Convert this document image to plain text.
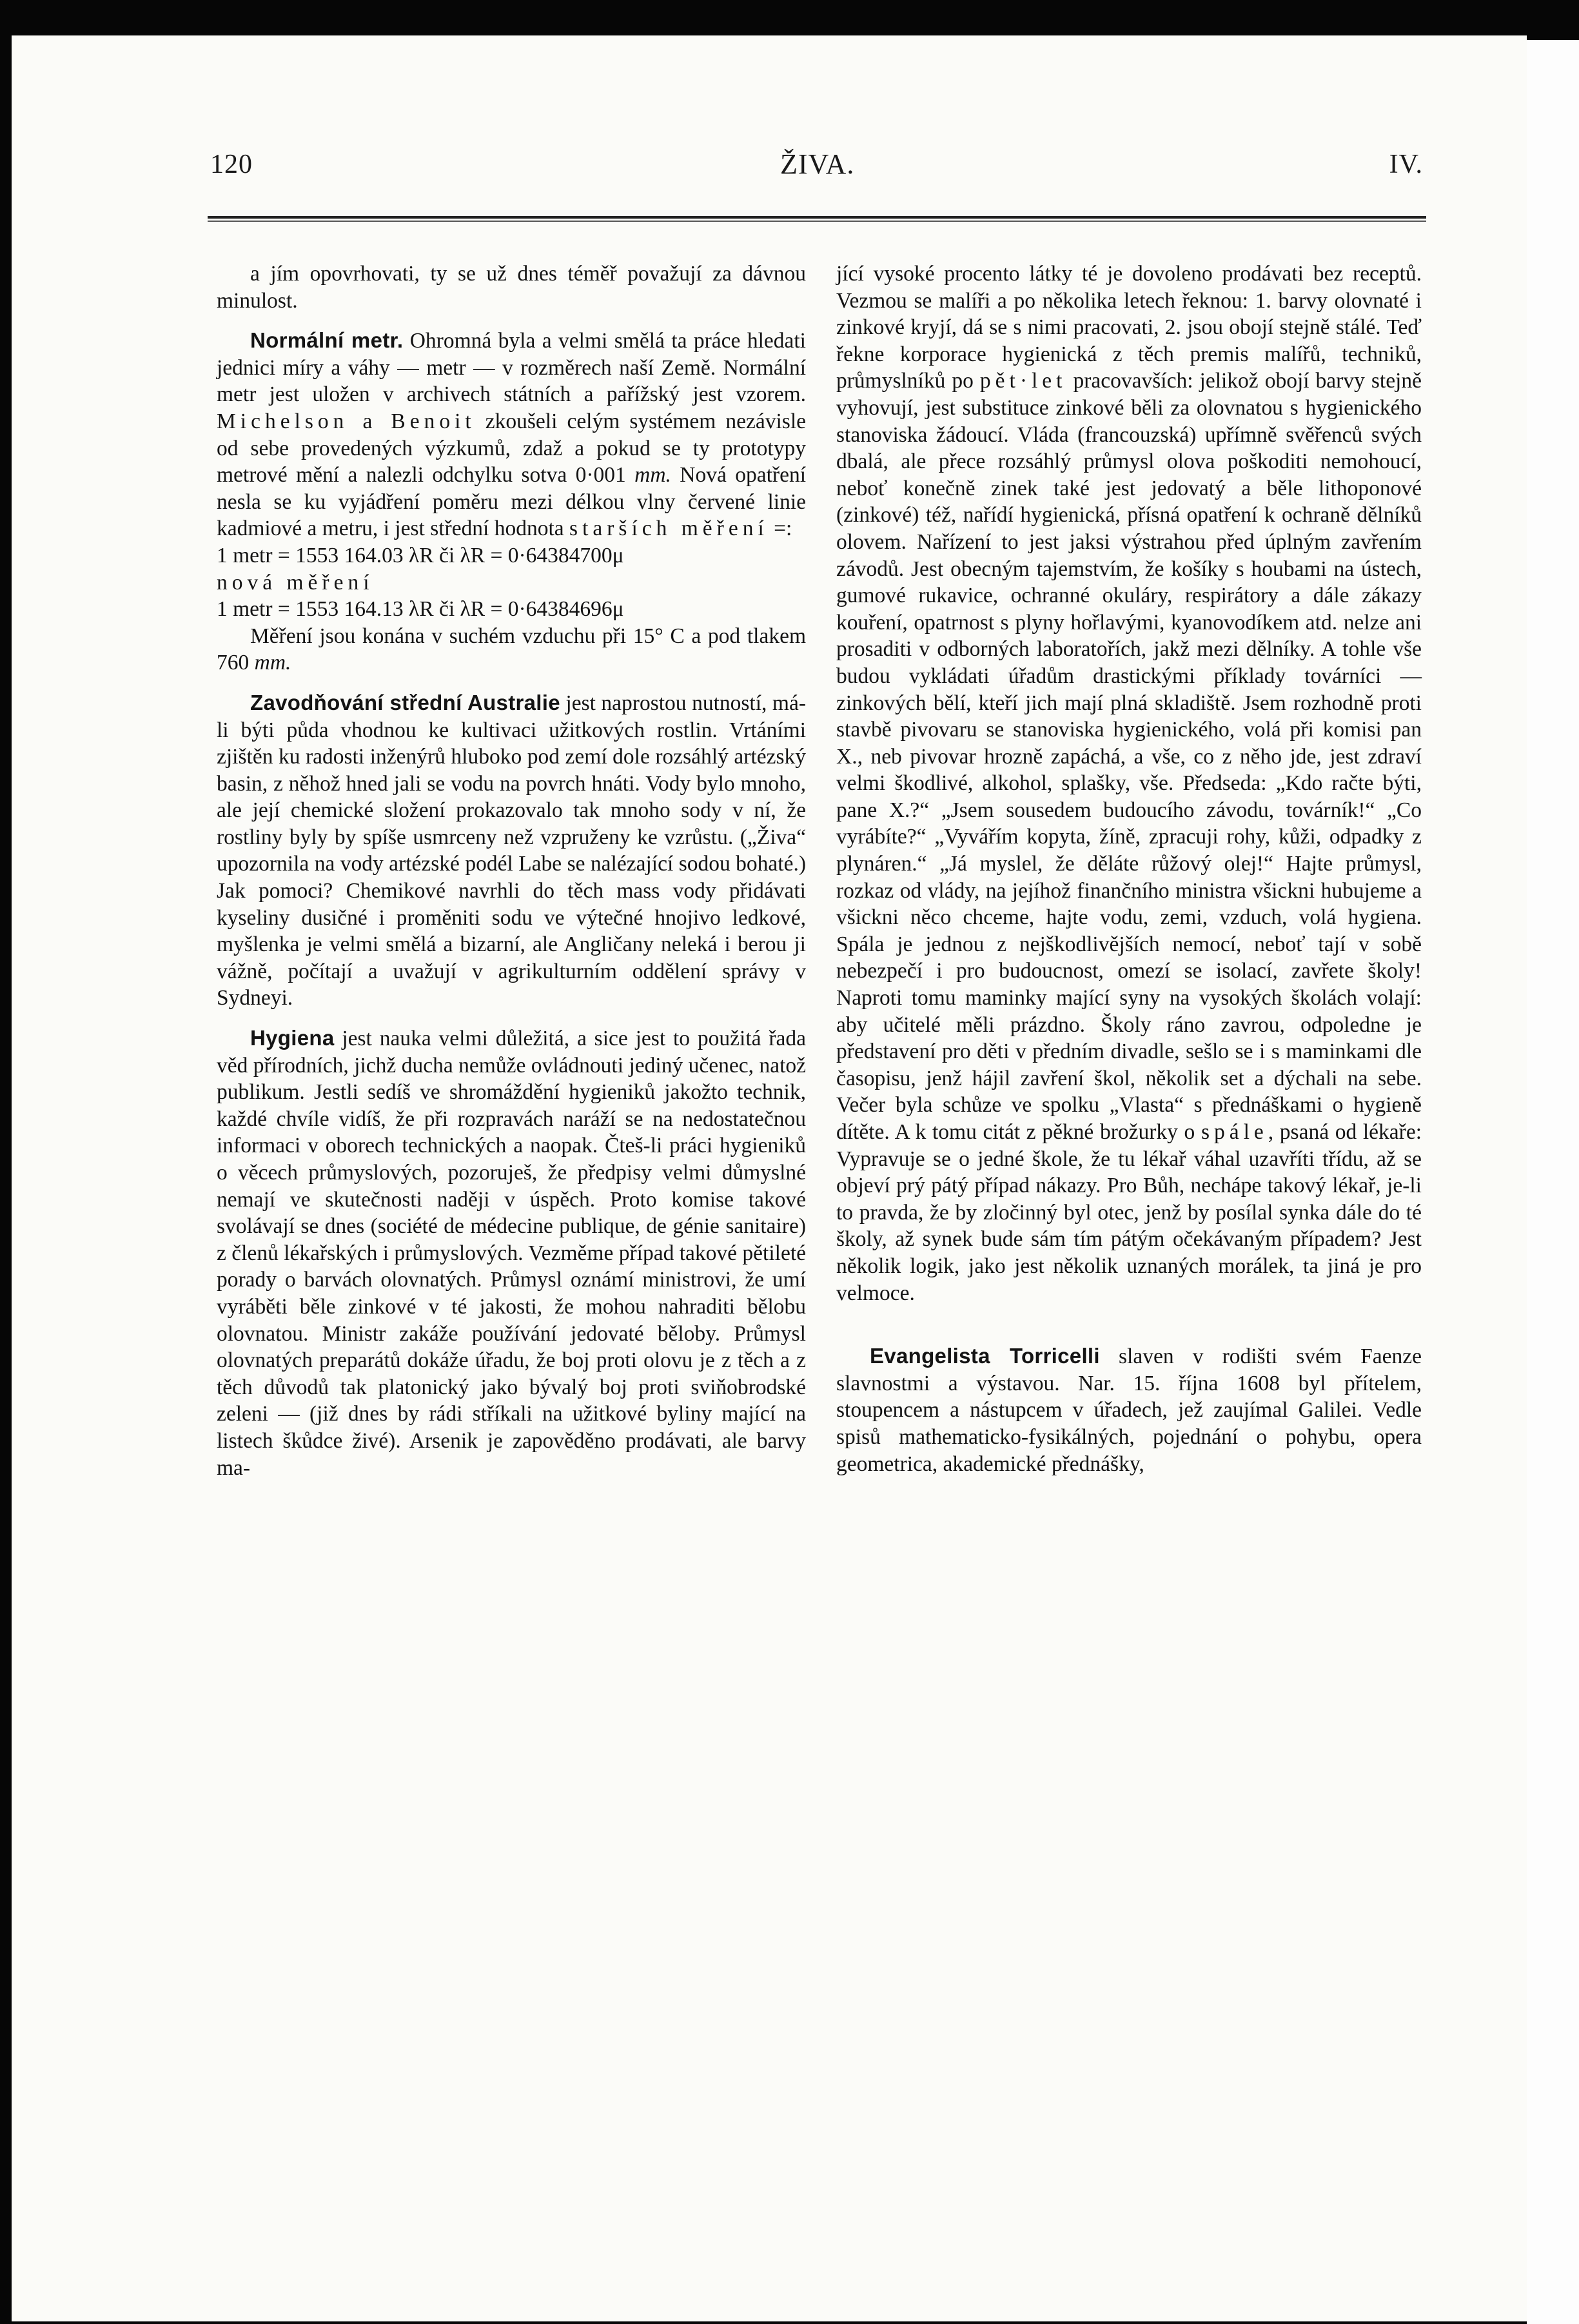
120	ŽIVA.	IV.

a jím opovrhovati, ty se už dnes téměř považují za dávnou minulost.

Normální metr. Ohromná byla a velmi smělá ta práce hledati jednici míry a váhy — metr — v rozměrech naší Země. Normální metr jest uložen v archivech státních a pařížský jest vzorem. Michelson a Benoit zkoušeli celým systémem nezávisle od sebe provedených výzkumů, zdaž a pokud se ty prototypy metrové mění a nalezli odchylku sotva 0·001 mm. Nová opatření nesla se ku vyjádření poměru mezi délkou vlny červené linie kadmiové a metru, i jest střední hodnota starších měření =:

1 metr = 1553 164.03 λR či λR = 0·64384700μ
nová měření
1 metr = 1553 164.13 λR či λR = 0·64384696μ

Měření jsou konána v suchém vzduchu při 15° C a pod tlakem 760 mm.

Zavodňování střední Australie jest naprostou nutností, má-li býti půda vhodnou ke kultivaci užitkových rostlin. Vrtáními zjištěn ku radosti inženýrů hluboko pod zemí dole rozsáhlý artézský basin, z něhož hned jali se vodu na povrch hnáti. Vody bylo mnoho, ale její chemické složení prokazovalo tak mnoho sody v ní, že rostliny byly by spíše usmrceny než vzpruženy ke vzrůstu. („Živa“ upozornila na vody artézské podél Labe se nalézající sodou bohaté.) Jak pomoci? Chemikové navrhli do těch mass vody přidávati kyseliny dusičné i proměniti sodu ve výtečné hnojivo ledkové, myšlenka je velmi smělá a bizarní, ale Angličany neleká i berou ji vážně, počítají a uvažují v agrikulturním oddělení správy v Sydneyi.

Hygiena jest nauka velmi důležitá, a sice jest to použitá řada věd přírodních, jichž ducha nemůže ovládnouti jediný učenec, natož publikum. Jestli sedíš ve shromáždění hygieniků jakožto technik, každé chvíle vidíš, že při rozpravách naráží se na nedostatečnou informaci v oborech technických a naopak. Čteš-li práci hygieniků o věcech průmyslových, pozoruješ, že předpisy velmi důmyslné nemají ve skutečnosti naději v úspěch. Proto komise takové svolávají se dnes (société de médecine publique, de génie sanitaire) z členů lékařských i průmyslových. Vezměme případ takové pětileté porady o barvách olovnatých. Průmysl oznámí ministrovi, že umí vyráběti běle zinkové v té jakosti, že mohou nahraditi bělobu olovnatou. Ministr zakáže používání jedovaté běloby. Průmysl olovnatých preparátů dokáže úřadu, že boj proti olovu je z těch a z těch důvodů tak platonický jako bývalý boj proti sviňobrodské zeleni — (již dnes by rádi stříkali na užitkové byliny mající na listech škůdce živé). Arsenik je zapověděno prodávati, ale barvy ma-

jící vysoké procento látky té je dovoleno prodávati bez receptů. Vezmou se malíři a po několika letech řeknou: 1. barvy olovnaté i zinkové kryjí, dá se s nimi pracovati, 2. jsou obojí stejně stálé. Teď řekne korporace hygienická z těch premis malířů, techniků, průmyslníků po pět·let pracovavších: jelikož obojí barvy stejně vyhovují, jest substituce zinkové běli za olovnatou s hygienického stanoviska žádoucí. Vláda (francouzská) upřímně svěřenců svých dbalá, ale přece rozsáhlý průmysl olova poškoditi nemohoucí, neboť konečně zinek také jest jedovatý a běle lithoponové (zinkové) též, nařídí hygienická, přísná opatření k ochraně dělníků olovem. Nařízení to jest jaksi výstrahou před úplným zavřením závodů. Jest obecným tajemstvím, že košíky s houbami na ústech, gumové rukavice, ochranné okuláry, respirátory a dále zákazy kouření, opatrnost s plyny hořlavými, kyanovodíkem atd. nelze ani prosaditi v odborných laboratořích, jakž mezi dělníky. A tohle vše budou vykládati úřadům drastickými příklady továrníci — zinkových bělí, kteří jich mají plná skladiště. Jsem rozhodně proti stavbě pivovaru se stanoviska hygienického, volá při komisi pan X., neb pivovar hrozně zapáchá, a vše, co z něho jde, jest zdraví velmi škodlivé, alkohol, splašky, vše. Předseda: „Kdo račte býti, pane X.?“ „Jsem sousedem budoucího závodu, továrník!“ „Co vyrábíte?“ „Vyvářím kopyta, žíně, zpracuji rohy, kůži, odpadky z plynáren.“ „Já myslel, že děláte růžový olej!“ Hajte průmysl, rozkaz od vlády, na jejíhož finančního ministra všickni hubujeme a všickni něco chceme, hajte vodu, zemi, vzduch, volá hygiena. Spála je jednou z nejškodlivějších nemocí, neboť tají v sobě nebezpečí i pro budoucnost, omezí se isolací, zavřete školy! Naproti tomu maminky mající syny na vysokých školách volají: aby učitelé měli prázdno. Školy ráno zavrou, odpoledne je představení pro děti v předním divadle, sešlo se i s maminkami dle časopisu, jenž hájil zavření škol, několik set a dýchali na sebe. Večer byla schůze ve spolku „Vlasta“ s přednáškami o hygieně dítěte. A k tomu citát z pěkné brožurky o spále, psaná od lékaře: Vypravuje se o jedné škole, že tu lékař váhal uzavříti třídu, až se objeví prý pátý případ nákazy. Pro Bůh, nechápe takový lékař, je-li to pravda, že by zločinný byl otec, jenž by posílal synka dále do té školy, až synek bude sám tím pátým očekávaným případem? Jest několik logik, jako jest několik uznaných morálek, ta jiná je pro velmoce.

Evangelista Torricelli slaven v rodišti svém Faenze slavnostmi a výstavou. Nar. 15. října 1608 byl přítelem, stoupencem a nástupcem v úřadech, jež zaujímal Galilei. Vedle spisů mathematicko-fysikálných, pojednání o pohybu, opera geometrica, akademické přednášky,
